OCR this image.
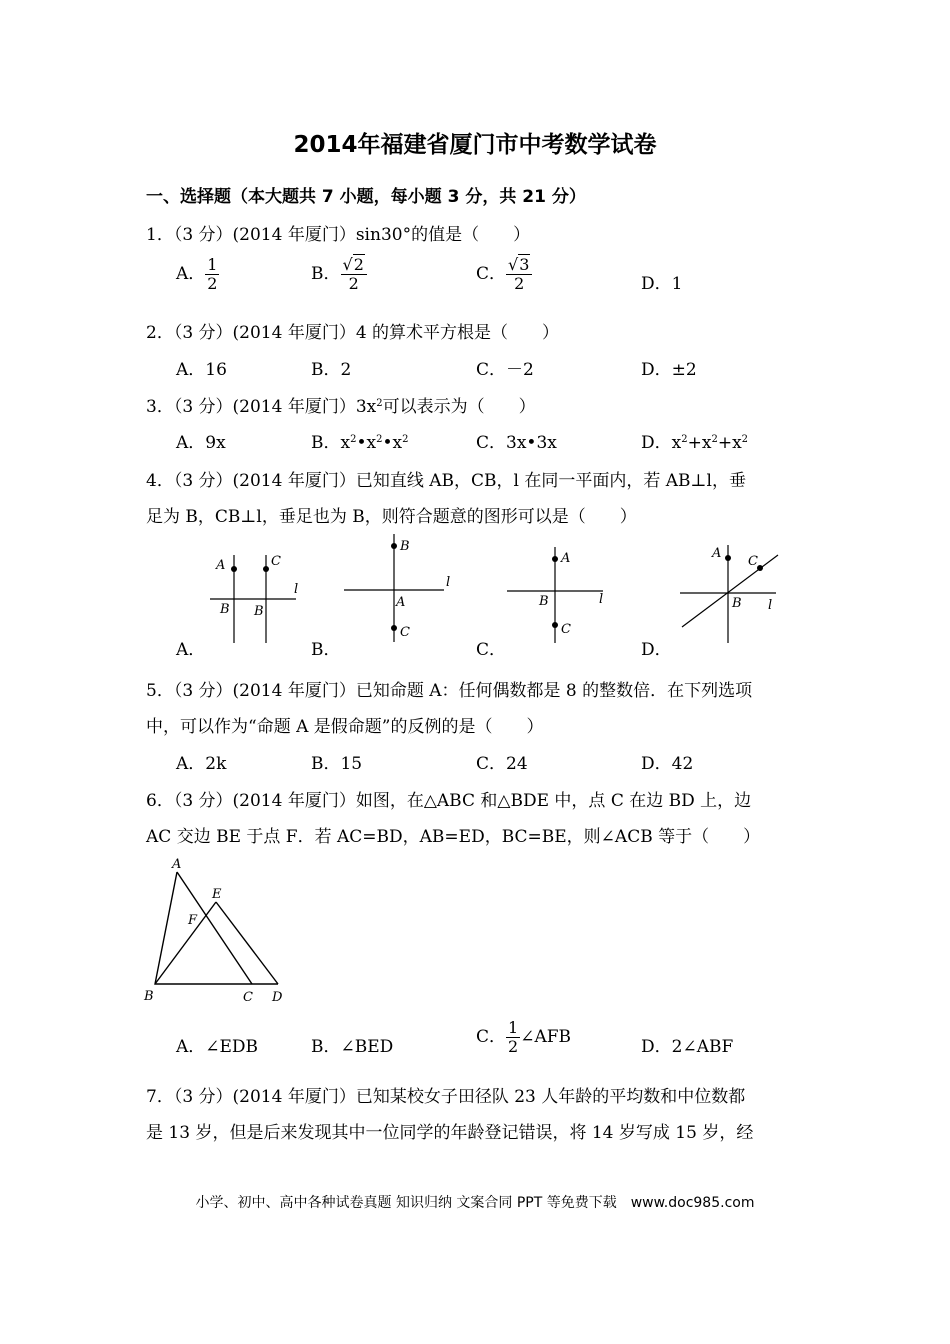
2014年福建省厦门市中考数学试卷
一、选择题（本大题共 7 小题，每小题 3 分，共 21 分）
1．（3 分）(2014 年厦门）sin30°的值是（　　）
A． $\frac{1}{2}$	B． $\frac{√2}{2}$	C． $\frac{√3}{2}$	D．1
2．（3 分）(2014 年厦门）4 的算术平方根是（　　）
A．16	B．2	C．－2	D．±2
3．（3 分）(2014 年厦门）$3x^2$可以表示为（　　）
A．9x	B．$x^2•x^2•x^2$	C．3x•3x	D．$x^2+x^2+x^2$
4．（3 分）(2014 年厦门）已知直线 AB，CB，l 在同一平面内，若 AB⊥l，垂
足为 B，CB⊥l，垂足也为 B，则符合题意的图形可以是（　　）
A	C
l
B B
A．
B
l
A
C
B．
A
l
B
C
C．
A
C
B l
D．
5．（3 分）(2014 年厦门）已知命题 A：任何偶数都是 8 的整数倍．在下列选项
中，可以作为“命题 A 是假命题”的反例的是（　　）
A．2k	B．15	C．24	D．42
6．（3 分）(2014 年厦门）如图，在△ABC 和△BDE 中，点 C 在边 BD 上，边
AC 交边 BE 于点 F．若 AC=BD，AB=ED，BC=BE，则∠ACB 等于（　　）
A
E
F
B	C D
A．∠EDB	B．∠BED	C． $\frac{1}{2}$ ∠AFB	D．2∠ABF
7．（3 分）(2014 年厦门）已知某校女子田径队 23 人年龄的平均数和中位数都
是 13 岁，但是后来发现其中一位同学的年龄登记错误，将 14 岁写成 15 岁，经
小学、初中、高中各种试卷真题 知识归纳 文案合同 PPT 等免费下载　www.doc985.com
